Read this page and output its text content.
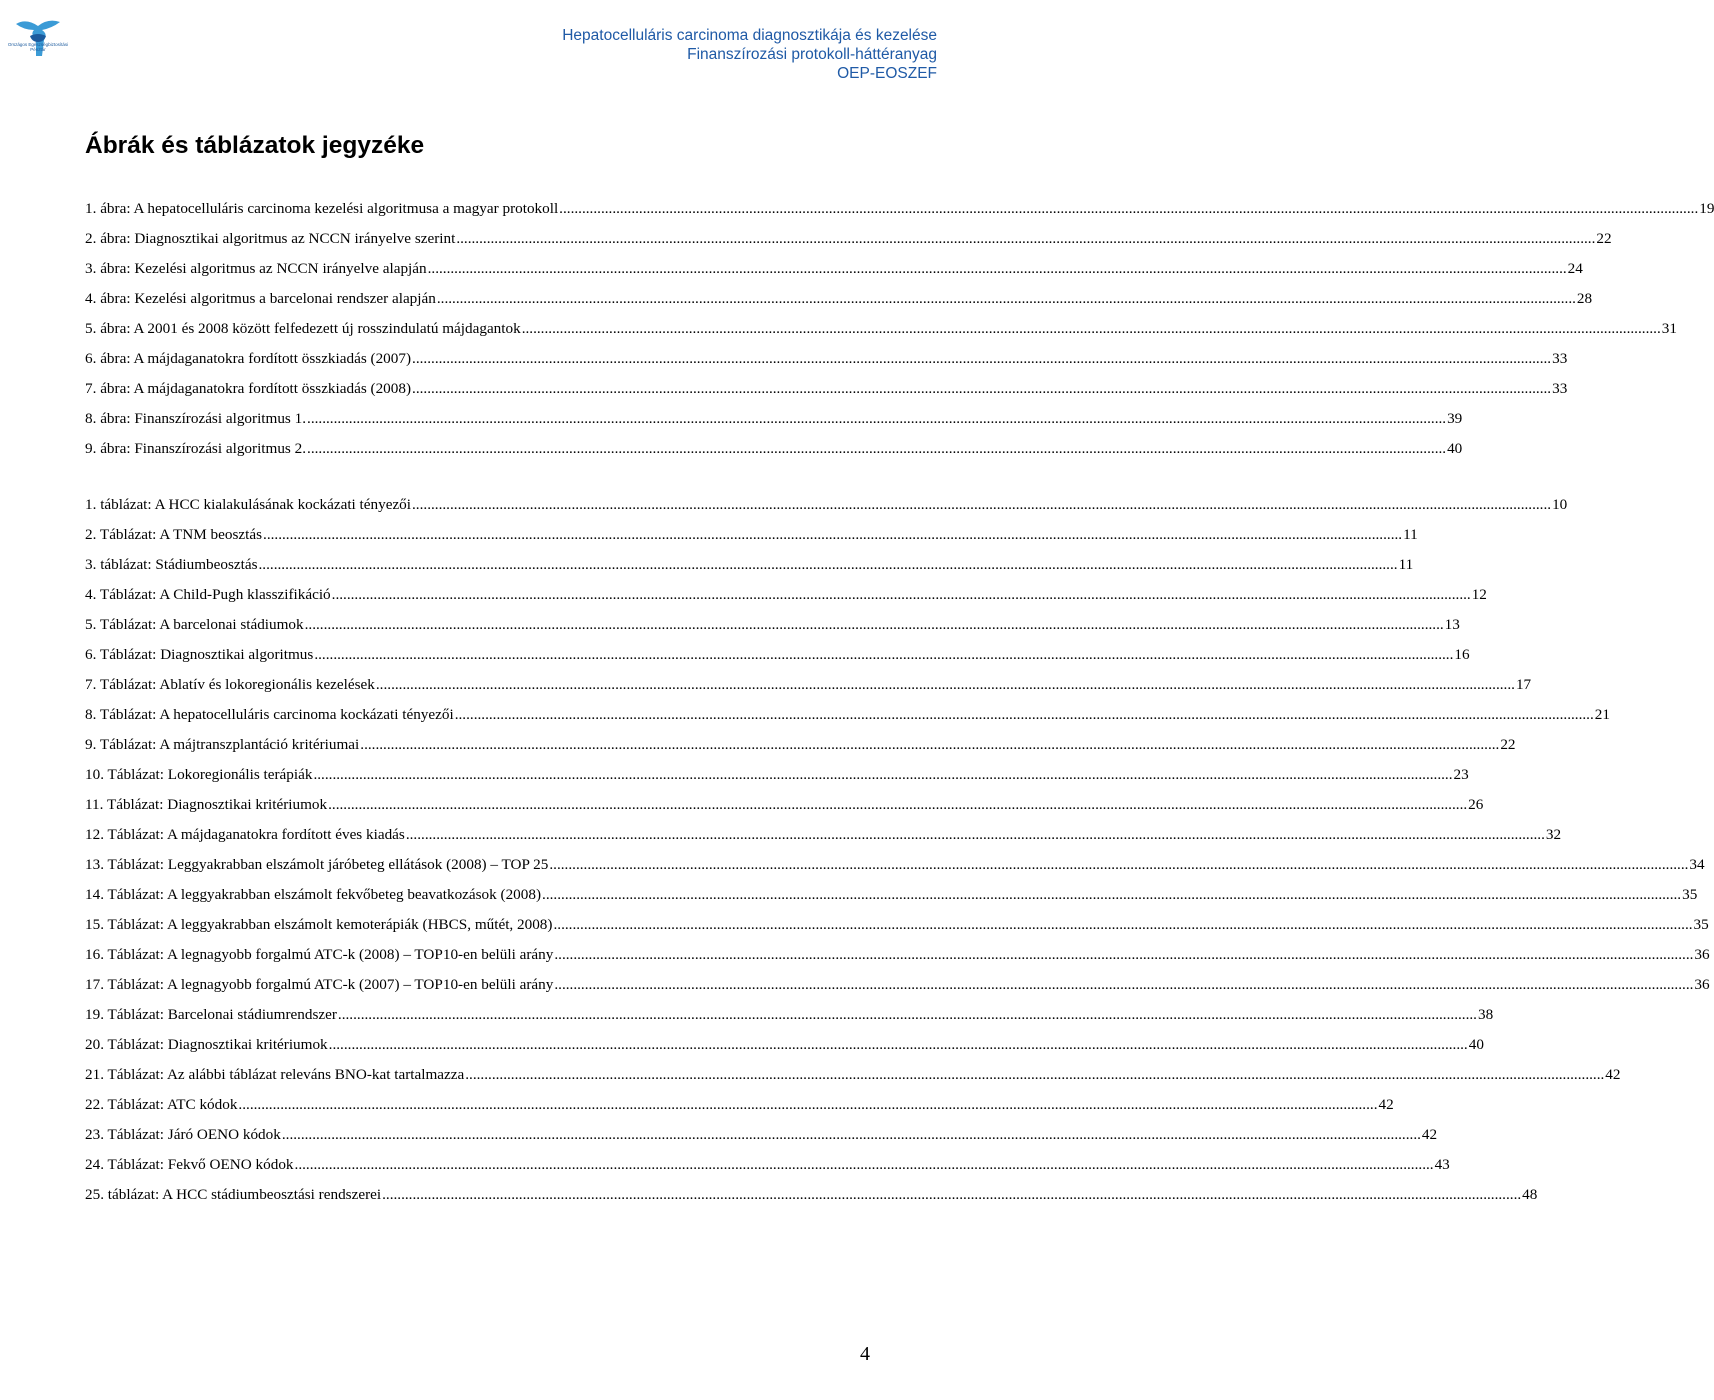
Országos Egészségbiztosítási
Pénztár
Hepatocelluláris carcinoma diagnosztikája és kezelése
Finanszírozási protokoll-háttéranyag
OEP-EOSZEF
Ábrák és táblázatok jegyzéke
1. ábra: A hepatocelluláris carcinoma kezelési algoritmusa a magyar protokoll ............................................................................................................................................................................................................................................................................................................ 19
2. ábra: Diagnosztikai algoritmus az NCCN irányelve szerint ............................................................................................................................................................................................................................................................................................................ 22
3. ábra: Kezelési algoritmus az NCCN irányelve alapján ............................................................................................................................................................................................................................................................................................................ 24
4. ábra: Kezelési algoritmus a barcelonai rendszer alapján ............................................................................................................................................................................................................................................................................................................ 28
5. ábra: A 2001 és 2008 között felfedezett új rosszindulatú májdagantok ............................................................................................................................................................................................................................................................................................................ 31
6. ábra: A májdaganatokra fordított összkiadás (2007) ............................................................................................................................................................................................................................................................................................................ 33
7. ábra: A májdaganatokra fordított összkiadás (2008) ............................................................................................................................................................................................................................................................................................................ 33
8. ábra: Finanszírozási algoritmus 1. ............................................................................................................................................................................................................................................................................................................ 39
9. ábra: Finanszírozási algoritmus 2. ............................................................................................................................................................................................................................................................................................................ 40
1. táblázat: A HCC kialakulásának kockázati tényezői ............................................................................................................................................................................................................................................................................................................ 10
2. Táblázat: A TNM beosztás ............................................................................................................................................................................................................................................................................................................ 11
3. táblázat: Stádiumbeosztás ............................................................................................................................................................................................................................................................................................................ 11
4. Táblázat: A Child-Pugh klasszifikáció ............................................................................................................................................................................................................................................................................................................ 12
5. Táblázat: A barcelonai stádiumok ............................................................................................................................................................................................................................................................................................................ 13
6. Táblázat: Diagnosztikai algoritmus ............................................................................................................................................................................................................................................................................................................ 16
7. Táblázat: Ablatív és lokoregionális kezelések ............................................................................................................................................................................................................................................................................................................ 17
8. Táblázat: A hepatocelluláris carcinoma kockázati tényezői ............................................................................................................................................................................................................................................................................................................ 21
9. Táblázat: A májtranszplantáció kritériumai ............................................................................................................................................................................................................................................................................................................ 22
10. Táblázat: Lokoregionális terápiák ............................................................................................................................................................................................................................................................................................................ 23
11. Táblázat: Diagnosztikai kritériumok ............................................................................................................................................................................................................................................................................................................ 26
12. Táblázat: A májdaganatokra fordított éves kiadás ............................................................................................................................................................................................................................................................................................................ 32
13. Táblázat: Leggyakrabban elszámolt járóbeteg ellátások (2008) – TOP 25 ............................................................................................................................................................................................................................................................................................................ 34
14. Táblázat: A leggyakrabban elszámolt fekvőbeteg beavatkozások (2008) ............................................................................................................................................................................................................................................................................................................ 35
15. Táblázat: A leggyakrabban elszámolt kemoterápiák (HBCS, műtét, 2008) ............................................................................................................................................................................................................................................................................................................ 35
16. Táblázat: A legnagyobb forgalmú ATC-k (2008) – TOP10-en belüli arány ............................................................................................................................................................................................................................................................................................................ 36
17. Táblázat: A legnagyobb forgalmú ATC-k (2007) – TOP10-en belüli arány ............................................................................................................................................................................................................................................................................................................ 36
19. Táblázat: Barcelonai stádiumrendszer ............................................................................................................................................................................................................................................................................................................ 38
20. Táblázat: Diagnosztikai kritériumok ............................................................................................................................................................................................................................................................................................................ 40
21. Táblázat: Az alábbi táblázat releváns BNO-kat tartalmazza ............................................................................................................................................................................................................................................................................................................ 42
22. Táblázat: ATC kódok ............................................................................................................................................................................................................................................................................................................ 42
23. Táblázat: Járó OENO kódok ............................................................................................................................................................................................................................................................................................................ 42
24. Táblázat: Fekvő OENO kódok ............................................................................................................................................................................................................................................................................................................ 43
25. táblázat: A HCC stádiumbeosztási rendszerei ............................................................................................................................................................................................................................................................................................................ 48
4
